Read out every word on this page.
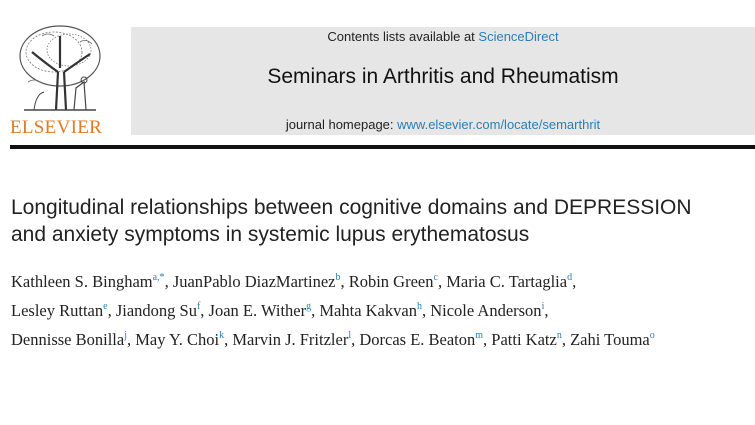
ELSEVIER
Contents lists available at ScienceDirect
Seminars in Arthritis and Rheumatism
journal homepage: www.elsevier.com/locate/semarthrit
Longitudinal relationships between cognitive domains and DEPRESSION
and anxiety symptoms in systemic lupus erythematosus
Kathleen S. Bingham$^{a,*}$, JuanPablo DiazMartinez$^b$, Robin Green$^c$, Maria C. Tartaglia$^d$,
Lesley Ruttan$^e$, Jiandong Su$^f$, Joan E. Wither$^g$, Mahta Kakvan$^h$, Nicole Anderson$^i$,
Dennisse Bonilla$^j$, May Y. Choi$^k$, Marvin J. Fritzler$^l$, Dorcas E. Beaton$^m$, Patti Katz$^n$, Zahi Touma$^o$
